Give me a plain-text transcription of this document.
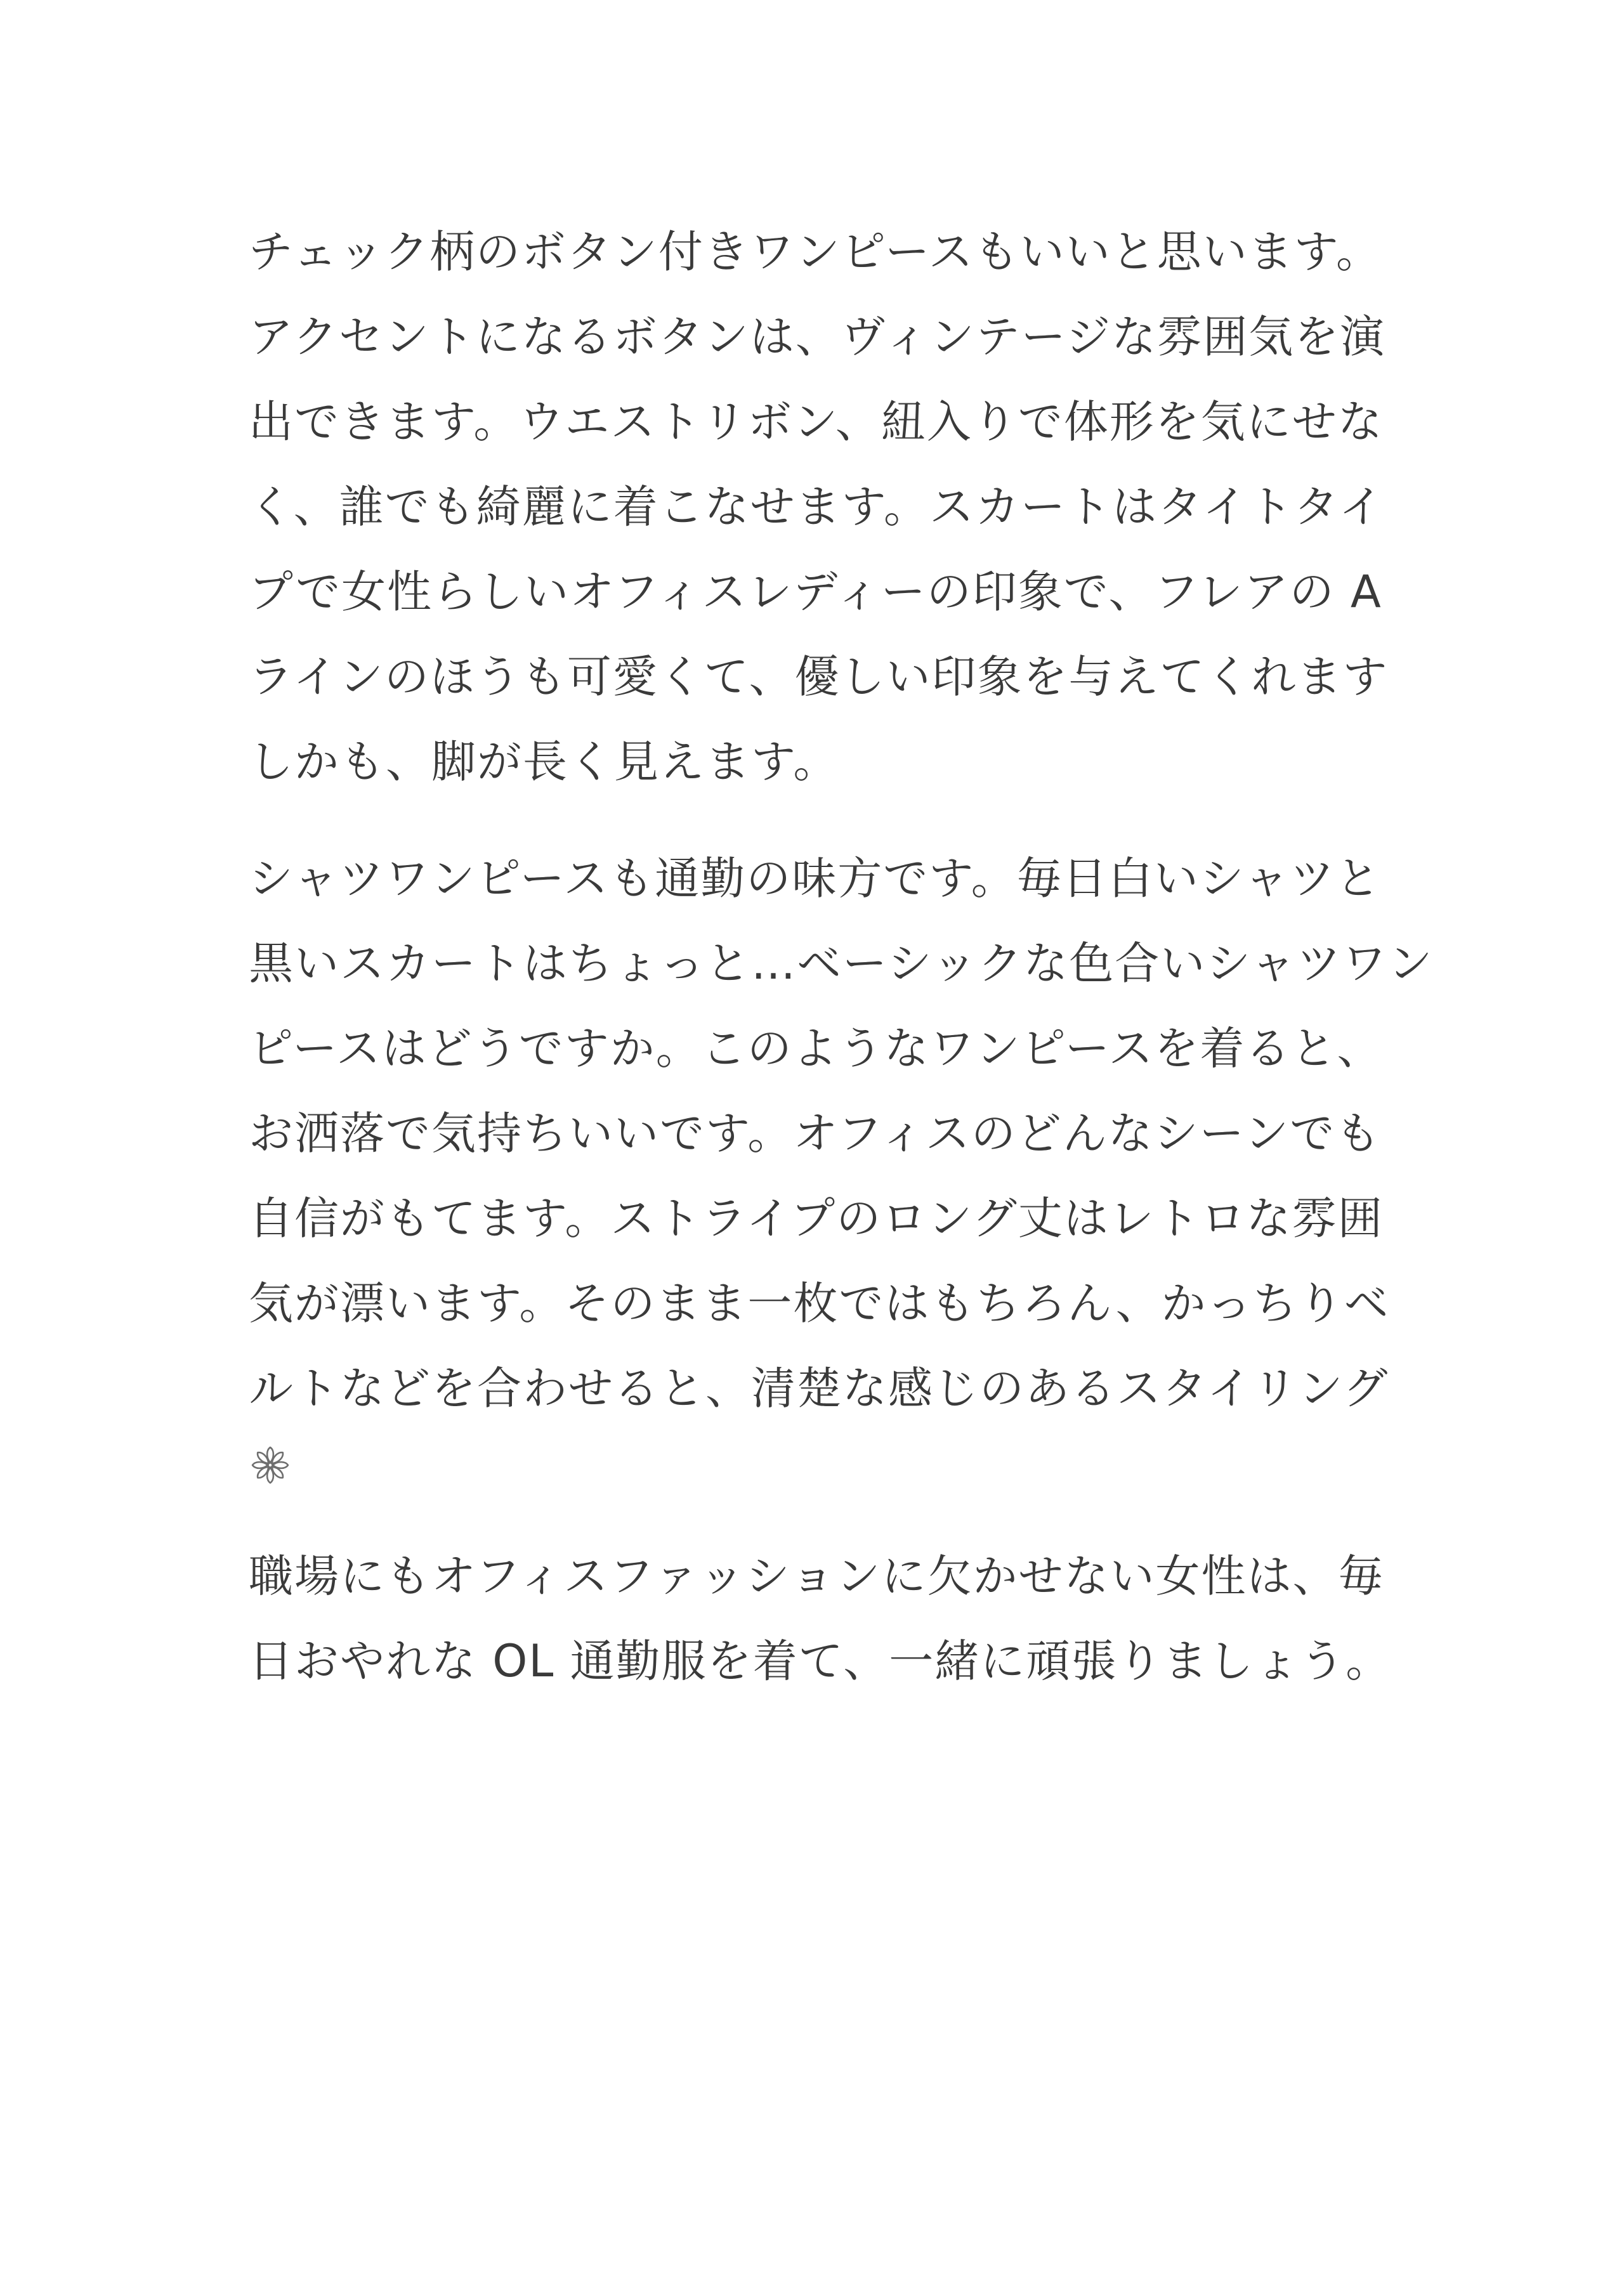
チェック柄のボタン付きワンピースもいいと思います。
アクセントになるボタンは、ヴィンテージな雰囲気を演
出できます。ウエストリボン、紐入りで体形を気にせな
く、誰でも綺麗に着こなせます。スカートはタイトタイ
プで女性らしいオフィスレディーの印象で、フレアの A
ラインのほうも可愛くて、優しい印象を与えてくれます
しかも、脚が長く見えます。
シャツワンピースも通勤の味方です。毎日白いシャツと
黒いスカートはちょっと…ベーシックな色合いシャツワン
ピースはどうですか。このようなワンピースを着ると、
お洒落で気持ちいいです。オフィスのどんなシーンでも
自信がもてます。ストライプのロング丈はレトロな雰囲
気が漂います。そのまま一枚ではもちろん、かっちりベ
ルトなどを合わせると、清楚な感じのあるスタイリング
職場にもオフィスファッションに欠かせない女性は、毎
日おやれな OL 通勤服を着て、一緒に頑張りましょう。
